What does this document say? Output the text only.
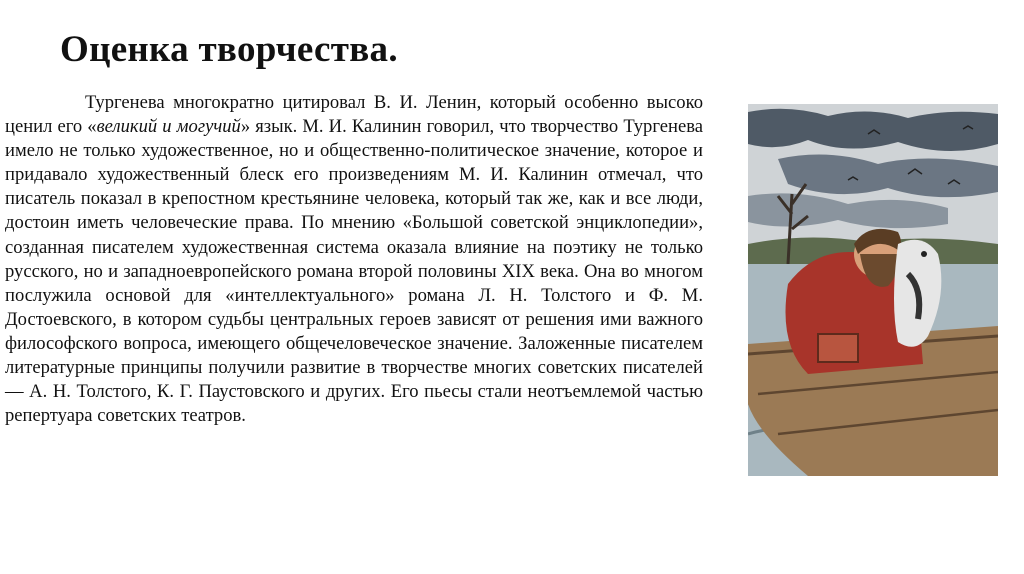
Оценка творчества.

Тургенева многократно цитировал В. И. Ленин, который особенно высоко ценил его «великий и могучий» язык. М. И. Калинин говорил, что творчество Тургенева имело не только художественное, но и общественно-политическое значение, которое и придавало художественный блеск его произведениям М. И. Калинин отмечал, что писатель показал в крепостном крестьянине человека, который так же, как и все люди, достоин иметь человеческие права. По мнению «Большой советской энциклопедии», созданная писателем художественная система оказала влияние на поэтику не только русского, но и западноевропейского романа второй половины XIX века. Она во многом послужила основой для «интеллектуального» романа Л. Н. Толстого и Ф. М. Достоевского, в котором судьбы центральных героев зависят от решения ими важного философского вопроса, имеющего общечеловеческое значение. Заложенные писателем литературные принципы получили развитие в творчестве многих советских писателей — А. Н. Толстого, К. Г. Паустовского и других. Его пьесы стали неотъемлемой частью репертуара советских театров.
